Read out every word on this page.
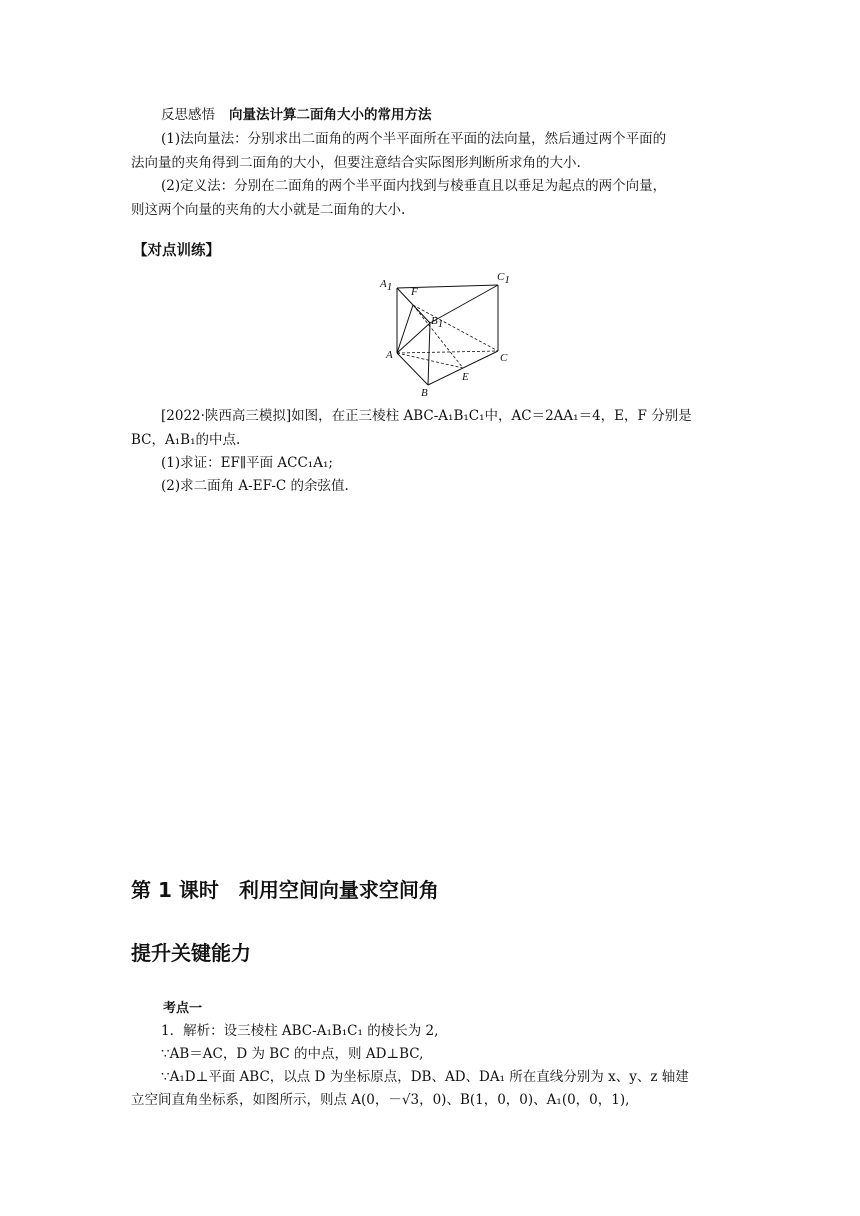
反思感悟 向量法计算二面角大小的常用方法
(1)法向量法：分别求出二面角的两个半平面所在平面的法向量，然后通过两个平面的
法向量的夹角得到二面角的大小，但要注意结合实际图形判断所求角的大小.
(2)定义法：分别在二面角的两个半平面内找到与棱垂直且以垂足为起点的两个向量，
则这两个向量的夹角的大小就是二面角的大小.
【对点训练】
A1
C1
F
B1
A	C
E
B
[2022·陕西高三模拟]如图，在正三棱柱 ABC-A₁B₁C₁中，AC＝2AA₁＝4，E，F 分别是
BC，A₁B₁的中点.
(1)求证：EF∥平面 ACC₁A₁;
(2)求二面角 A-EF-C 的余弦值.
第 1 课时　利用空间向量求空间角
提升关键能力
考点一
1．解析：设三棱柱 ABC-A₁B₁C₁ 的棱长为 2,
∵AB＝AC，D 为 BC 的中点，则 AD⊥BC,
∵A₁D⊥平面 ABC，以点 D 为坐标原点，DB、AD、DA₁ 所在直线分别为 x、y、z 轴建
立空间直角坐标系，如图所示，则点 A(0，－√3，0)、B(1，0，0)、A₁(0，0，1),
